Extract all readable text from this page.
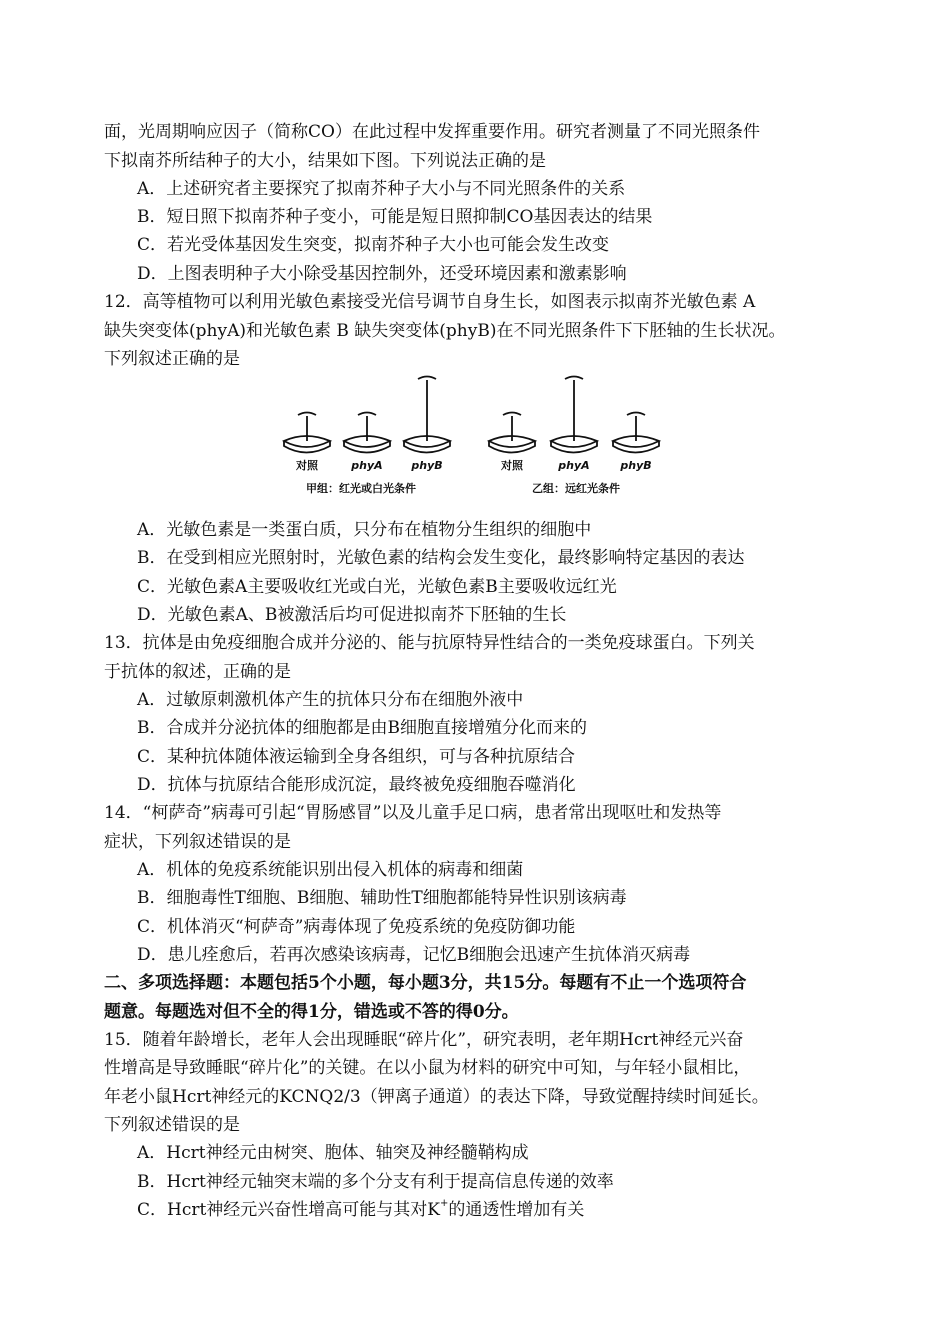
面，光周期响应因子（简称CO）在此过程中发挥重要作用。研究者测量了不同光照条件
下拟南芥所结种子的大小，结果如下图。下列说法正确的是
A．上述研究者主要探究了拟南芥种子大小与不同光照条件的关系
B．短日照下拟南芥种子变小，可能是短日照抑制CO基因表达的结果
C．若光受体基因发生突变，拟南芥种子大小也可能会发生改变
D．上图表明种子大小除受基因控制外，还受环境因素和激素影响
12．高等植物可以利用光敏色素接受光信号调节自身生长，如图表示拟南芥光敏色素 A
缺失突变体(phyA)和光敏色素 B 缺失突变体(phyB)在不同光照条件下下胚轴的生长状况。
下列叙述正确的是
对照	phyA	phyB	对照	phyA	phyB
甲组：红光或白光条件	乙组：远红光条件
A．光敏色素是一类蛋白质，只分布在植物分生组织的细胞中
B．在受到相应光照射时，光敏色素的结构会发生变化，最终影响特定基因的表达
C．光敏色素A主要吸收红光或白光，光敏色素B主要吸收远红光
D．光敏色素A、B被激活后均可促进拟南芥下胚轴的生长
13．抗体是由免疫细胞合成并分泌的、能与抗原特异性结合的一类免疫球蛋白。下列关
于抗体的叙述，正确的是
A．过敏原刺激机体产生的抗体只分布在细胞外液中
B．合成并分泌抗体的细胞都是由B细胞直接增殖分化而来的
C．某种抗体随体液运输到全身各组织，可与各种抗原结合
D．抗体与抗原结合能形成沉淀，最终被免疫细胞吞噬消化
14．“柯萨奇”病毒可引起“胃肠感冒”以及儿童手足口病，患者常出现呕吐和发热等
症状，下列叙述错误的是
A．机体的免疫系统能识别出侵入机体的病毒和细菌
B．细胞毒性T细胞、B细胞、辅助性T细胞都能特异性识别该病毒
C．机体消灭“柯萨奇”病毒体现了免疫系统的免疫防御功能
D．患儿痊愈后，若再次感染该病毒，记忆B细胞会迅速产生抗体消灭病毒
二、多项选择题：本题包括5个小题，每小题3分，共15分。每题有不止一个选项符合
题意。每题选对但不全的得1分，错选或不答的得0分。
15．随着年龄增长，老年人会出现睡眠“碎片化”，研究表明，老年期Hcrt神经元兴奋
性增高是导致睡眠“碎片化”的关键。在以小鼠为材料的研究中可知，与年轻小鼠相比，
年老小鼠Hcrt神经元的KCNQ2/3（钾离子通道）的表达下降，导致觉醒持续时间延长。
下列叙述错误的是
A．Hcrt神经元由树突、胞体、轴突及神经髓鞘构成
B．Hcrt神经元轴突末端的多个分支有利于提高信息传递的效率
C．Hcrt神经元兴奋性增高可能与其对K+的通透性增加有关
